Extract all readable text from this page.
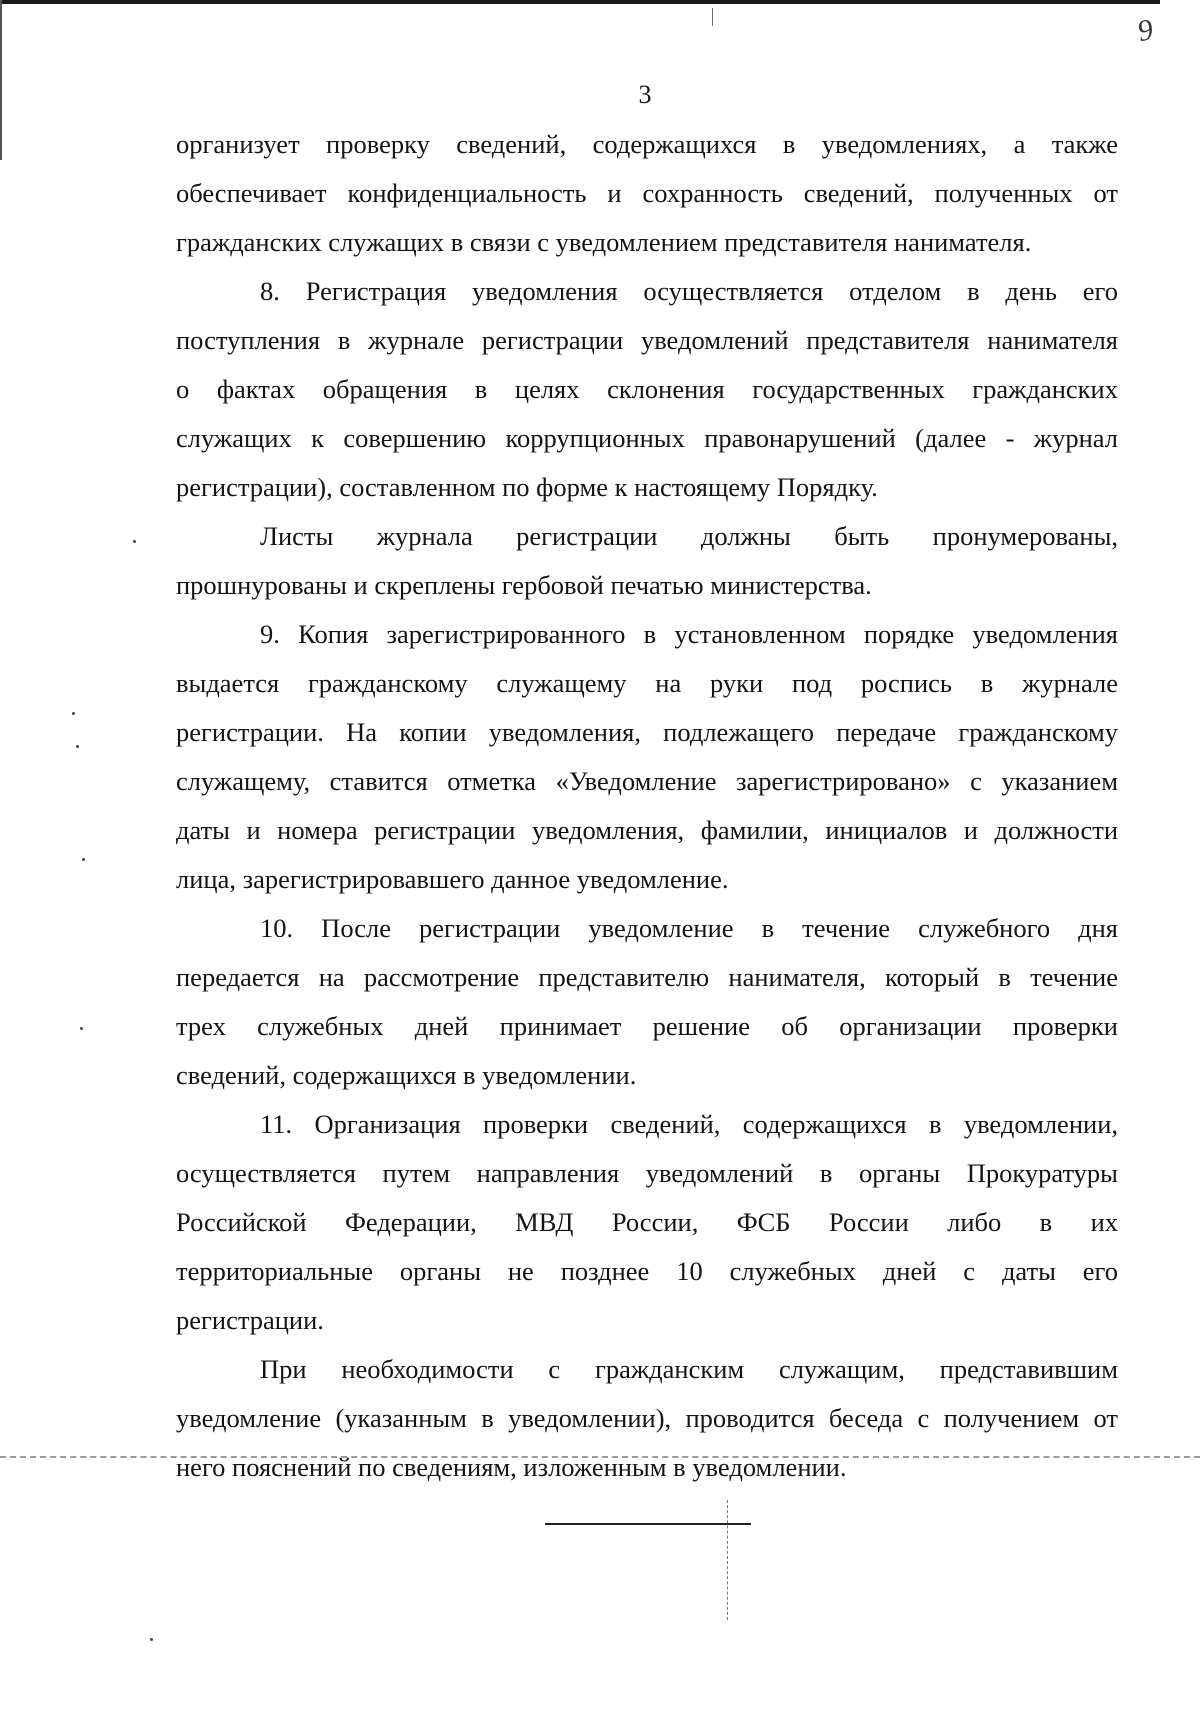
9
3
организует проверку сведений, содержащихся в уведомлениях, а также
обеспечивает конфиденциальность и сохранность сведений, полученных от
гражданских служащих в связи с уведомлением представителя нанимателя.
8. Регистрация уведомления осуществляется отделом в день его
поступления в журнале регистрации уведомлений представителя нанимателя
о фактах обращения в целях склонения государственных гражданских
служащих к совершению коррупционных правонарушений (далее - журнал
регистрации), составленном по форме к настоящему Порядку.
Листы журнала регистрации должны быть пронумерованы,
прошнурованы и скреплены гербовой печатью министерства.
9. Копия зарегистрированного в установленном порядке уведомления
выдается гражданскому служащему на руки под роспись в журнале
регистрации. На копии уведомления, подлежащего передаче гражданскому
служащему, ставится отметка «Уведомление зарегистрировано» с указанием
даты и номера регистрации уведомления, фамилии, инициалов и должности
лица, зарегистрировавшего данное уведомление.
10. После регистрации уведомление в течение служебного дня
передается на рассмотрение представителю нанимателя, который в течение
трех служебных дней принимает решение об организации проверки
сведений, содержащихся в уведомлении.
11. Организация проверки сведений, содержащихся в уведомлении,
осуществляется путем направления уведомлений в органы Прокуратуры
Российской Федерации, МВД России, ФСБ России либо в их
территориальные органы не позднее 10 служебных дней с даты его
регистрации.
При необходимости с гражданским служащим, представившим
уведомление (указанным в уведомлении), проводится беседа с получением от
него пояснений по сведениям, изложенным в уведомлении.
